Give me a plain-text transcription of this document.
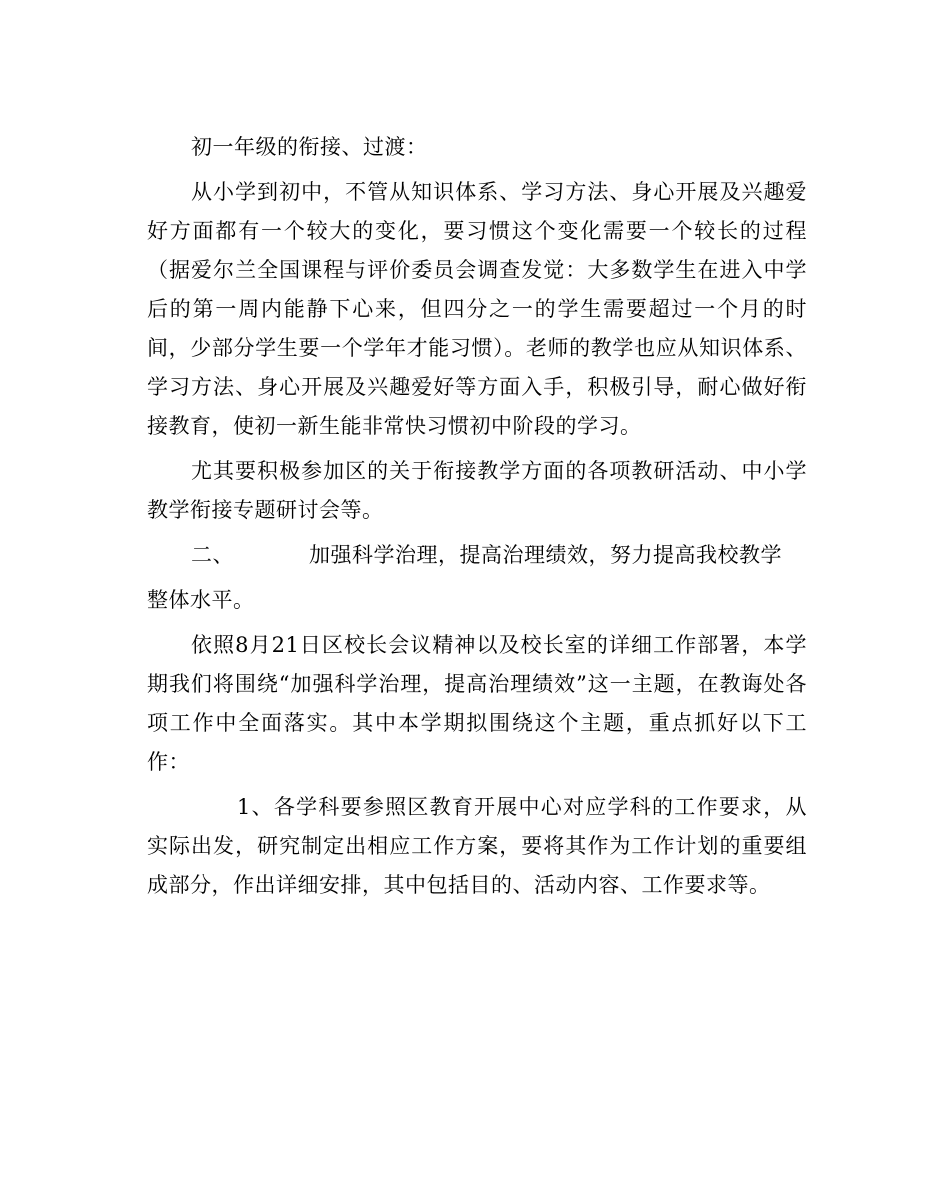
初一年级的衔接、过渡：

从小学到初中，不管从知识体系、学习方法、身心开展及兴趣爱好方面都有一个较大的变化，要习惯这个变化需要一个较长的过程（据爱尔兰全国课程与评价委员会调查发觉：大多数学生在进入中学后的第一周内能静下心来，但四分之一的学生需要超过一个月的时间，少部分学生要一个学年才能习惯）。老师的教学也应从知识体系、学习方法、身心开展及兴趣爱好等方面入手，积极引导，耐心做好衔接教育，使初一新生能非常快习惯初中阶段的学习。

尤其要积极参加区的关于衔接教学方面的各项教研活动、中小学教学衔接专题研讨会等。

二、	加强科学治理，提高治理绩效，努力提高我校教学
整体水平。

依照8月21日区校长会议精神以及校长室的详细工作部署，本学期我们将围绕“加强科学治理，提高治理绩效”这一主题，在教诲处各项工作中全面落实。其中本学期拟围绕这个主题，重点抓好以下工作：

1、各学科要参照区教育开展中心对应学科的工作要求，从实际出发，研究制定出相应工作方案，要将其作为工作计划的重要组成部分，作出详细安排，其中包括目的、活动内容、工作要求等。
